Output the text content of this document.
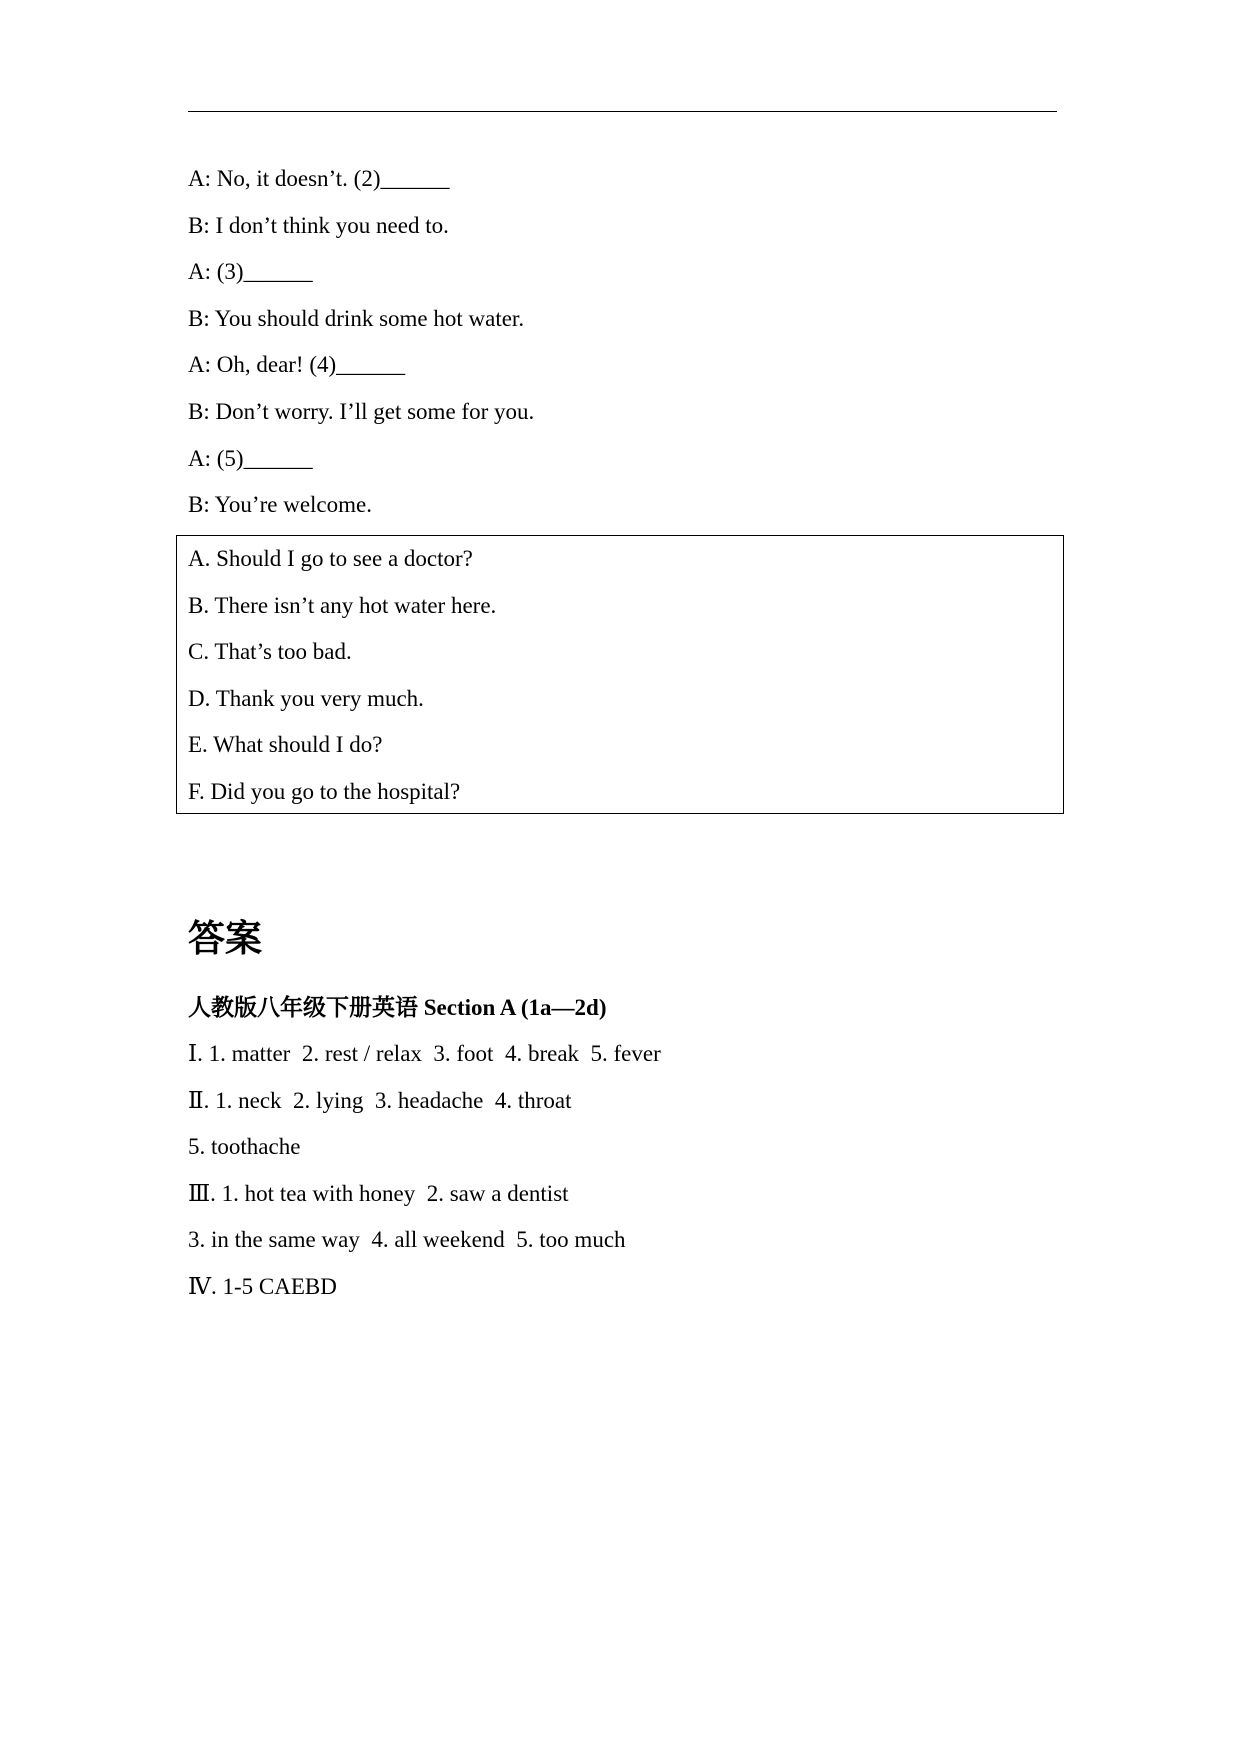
A: No, it doesn’t. (2)______
B: I don’t think you need to.
A: (3)______
B: You should drink some hot water.
A: Oh, dear! (4)______
B: Don’t worry. I’ll get some for you.
A: (5)______
B: You’re welcome.
A. Should I go to see a doctor?
B. There isn’t any hot water here.
C. That’s too bad.
D. Thank you very much.
E. What should I do?
F. Did you go to the hospital?
答案
人教版八年级下册英语 Section A (1a—2d)
Ⅰ. 1. matter  2. rest / relax  3. foot  4. break  5. fever
Ⅱ. 1. neck  2. lying  3. headache  4. throat
5. toothache
Ⅲ. 1. hot tea with honey  2. saw a dentist
3. in the same way  4. all weekend  5. too much
Ⅳ. 1-5 CAEBD
